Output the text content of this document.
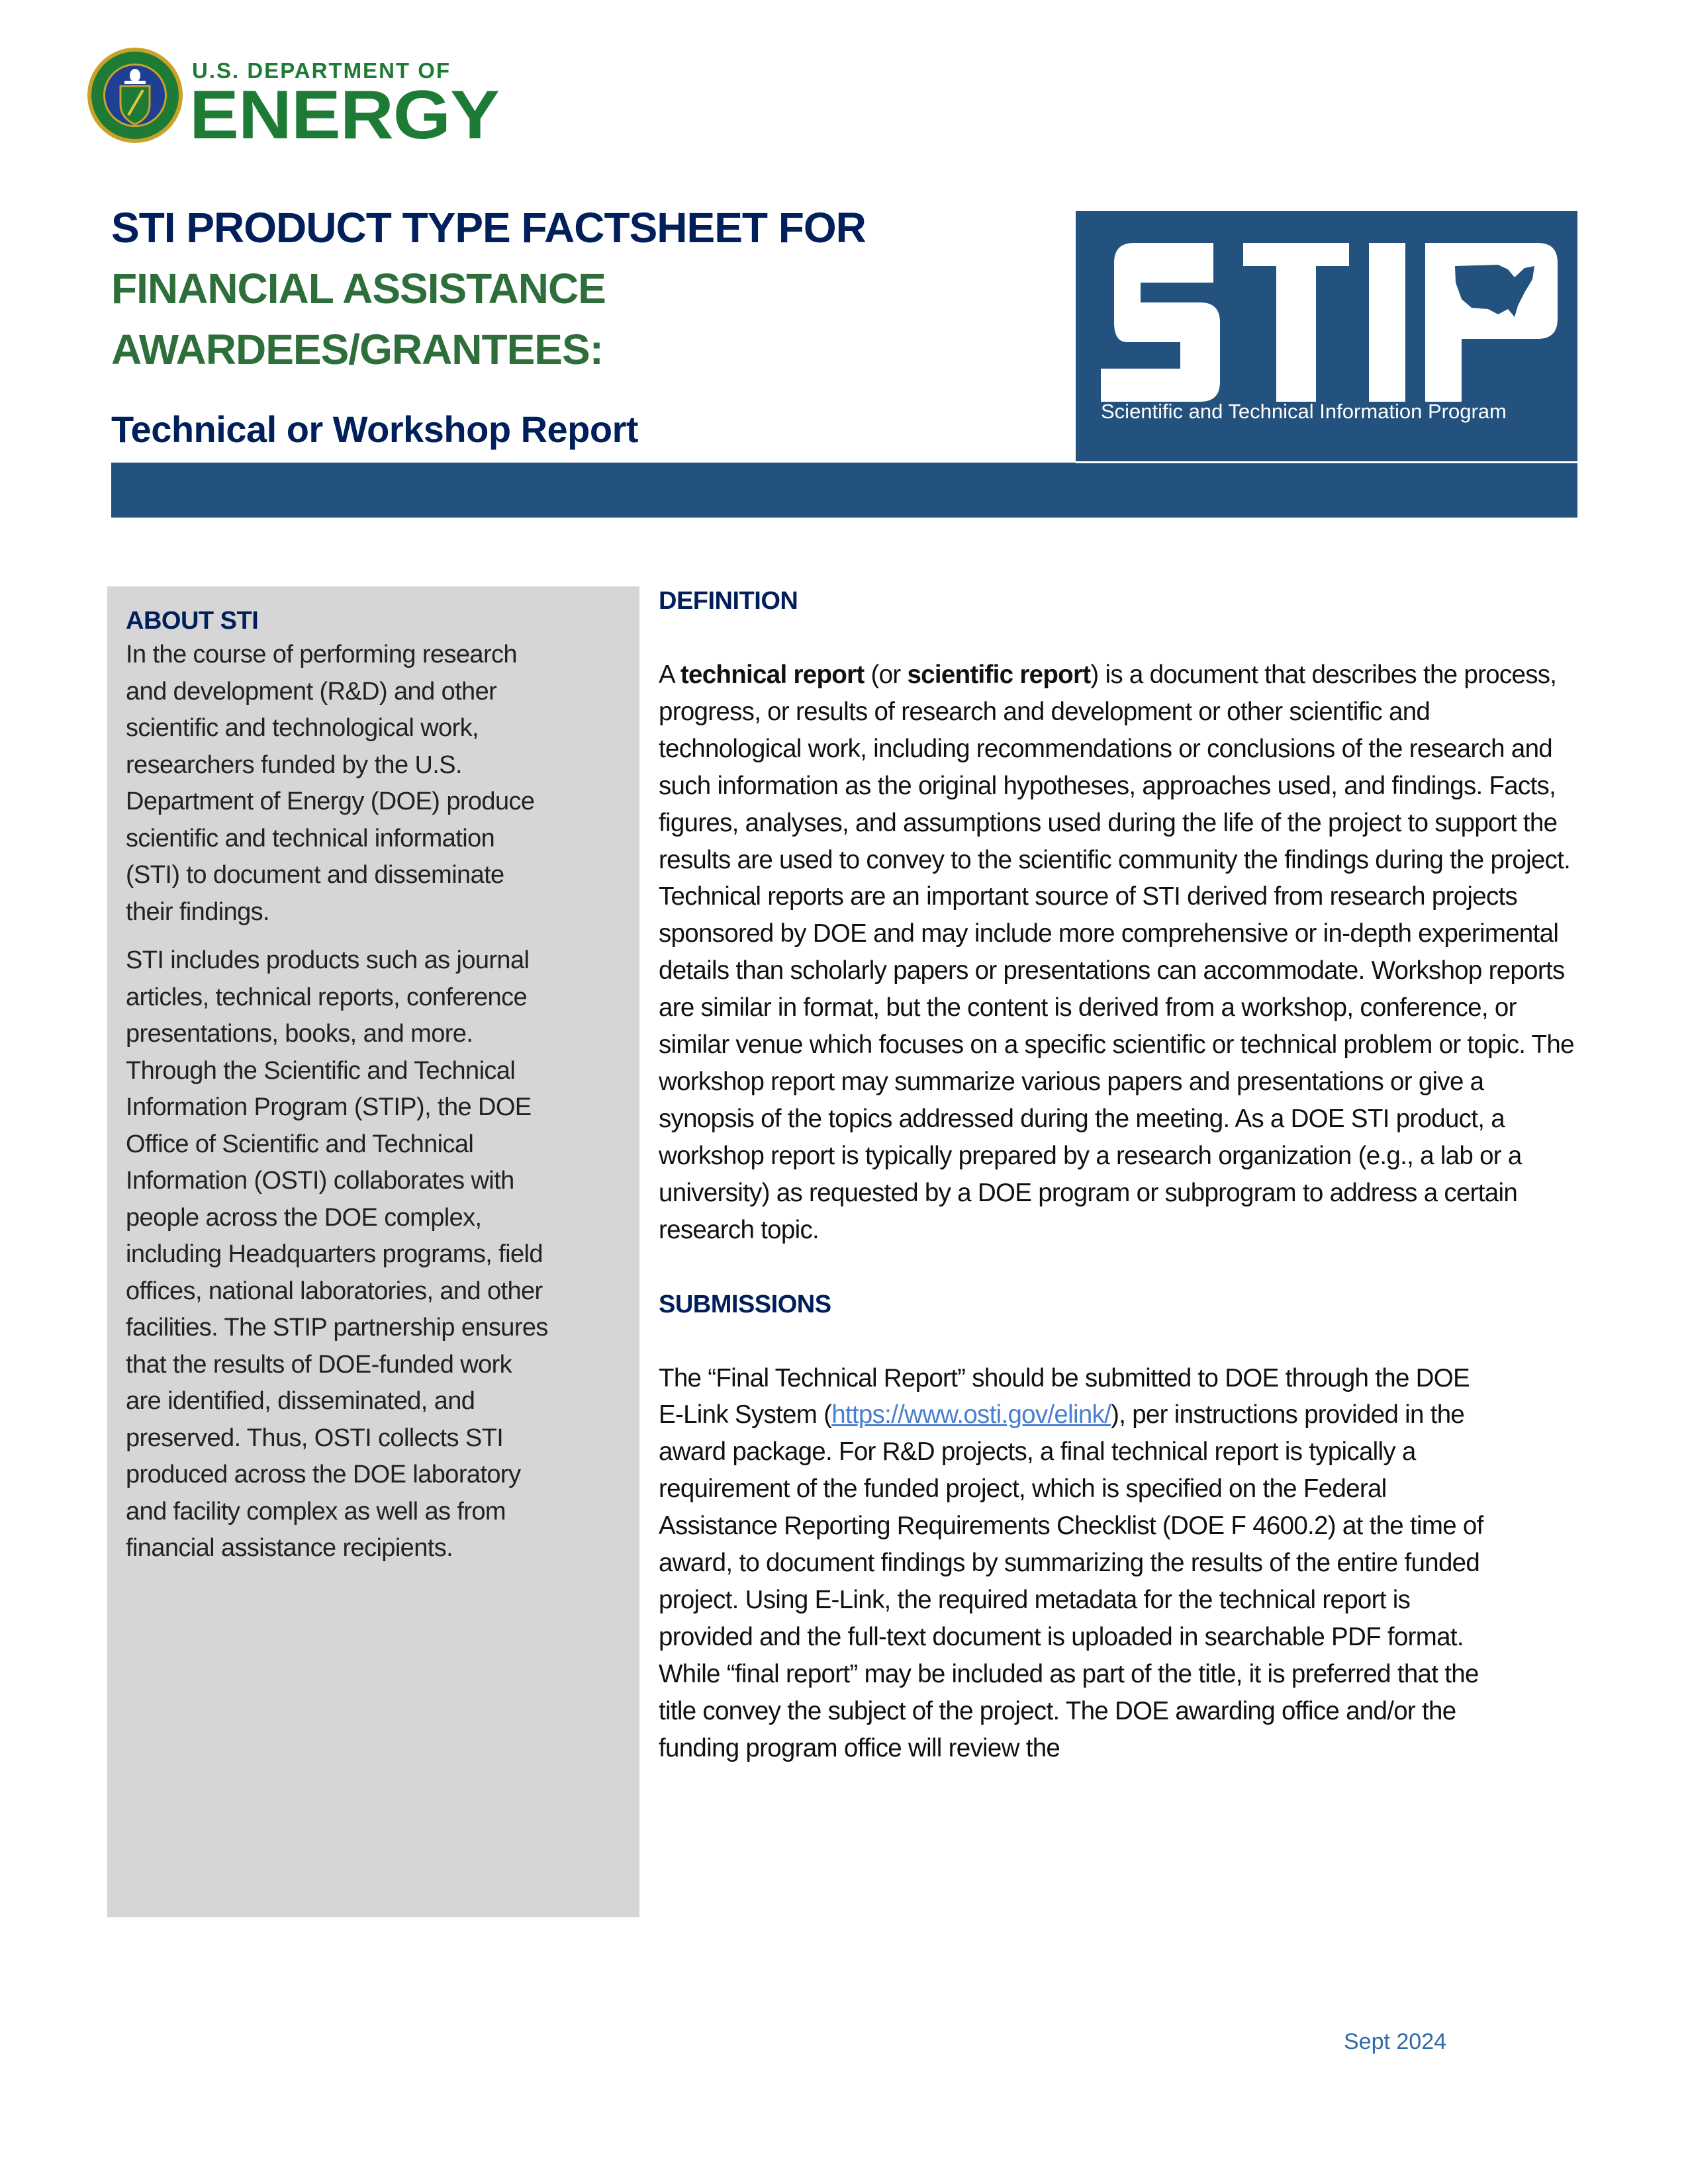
U.S. DEPARTMENT OF
ENERGY
STI PRODUCT TYPE FACTSHEET FOR
FINANCIAL ASSISTANCE
AWARDEES/GRANTEES:
Technical or Workshop Report	Scientific and Technical Information Program
ABOUT STI

In the course of performing research and development (R&D) and other scientific and technological work, researchers funded by the U.S. Department of Energy (DOE) produce scientific and technical information (STI) to document and disseminate their findings.

STI includes products such as journal articles, technical reports, conference presentations, books, and more. Through the Scientific and Technical Information Program (STIP), the DOE Office of Scientific and Technical Information (OSTI) collaborates with people across the DOE complex, including Headquarters programs, field offices, national laboratories, and other facilities. The STIP partnership ensures that the results of DOE-funded work are identified, disseminated, and preserved. Thus, OSTI collects STI produced across the DOE laboratory and facility complex as well as from financial assistance recipients.

DEFINITION

A technical report (or scientific report) is a document that describes the process, progress, or results of research and development or other scientific and technological work, including recommendations or conclusions of the research and such information as the original hypotheses, approaches used, and findings. Facts, figures, analyses, and assumptions used during the life of the project to support the results are used to convey to the scientific community the findings during the project. Technical reports are an important source of STI derived from research projects sponsored by DOE and may include more comprehensive or in-depth experimental details than scholarly papers or presentations can accommodate. Workshop reports are similar in format, but the content is derived from a workshop, conference, or similar venue which focuses on a specific scientific or technical problem or topic. The workshop report may summarize various papers and presentations or give a synopsis of the topics addressed during the meeting. As a DOE STI product, a workshop report is typically prepared by a research organization (e.g., a lab or a university) as requested by a DOE program or subprogram to address a certain research topic.

SUBMISSIONS

The “Final Technical Report” should be submitted to DOE through the DOE E-Link System (https://www.osti.gov/elink/), per instructions provided in the award package. For R&D projects, a final technical report is typically a requirement of the funded project, which is specified on the Federal Assistance Reporting Requirements Checklist (DOE F 4600.2) at the time of award, to document findings by summarizing the results of the entire funded project. Using E-Link, the required metadata for the technical report is provided and the full-text document is uploaded in searchable PDF format. While “final report” may be included as part of the title, it is preferred that the title convey the subject of the project. The DOE awarding office and/or the funding program office will review the

Sept 2024
